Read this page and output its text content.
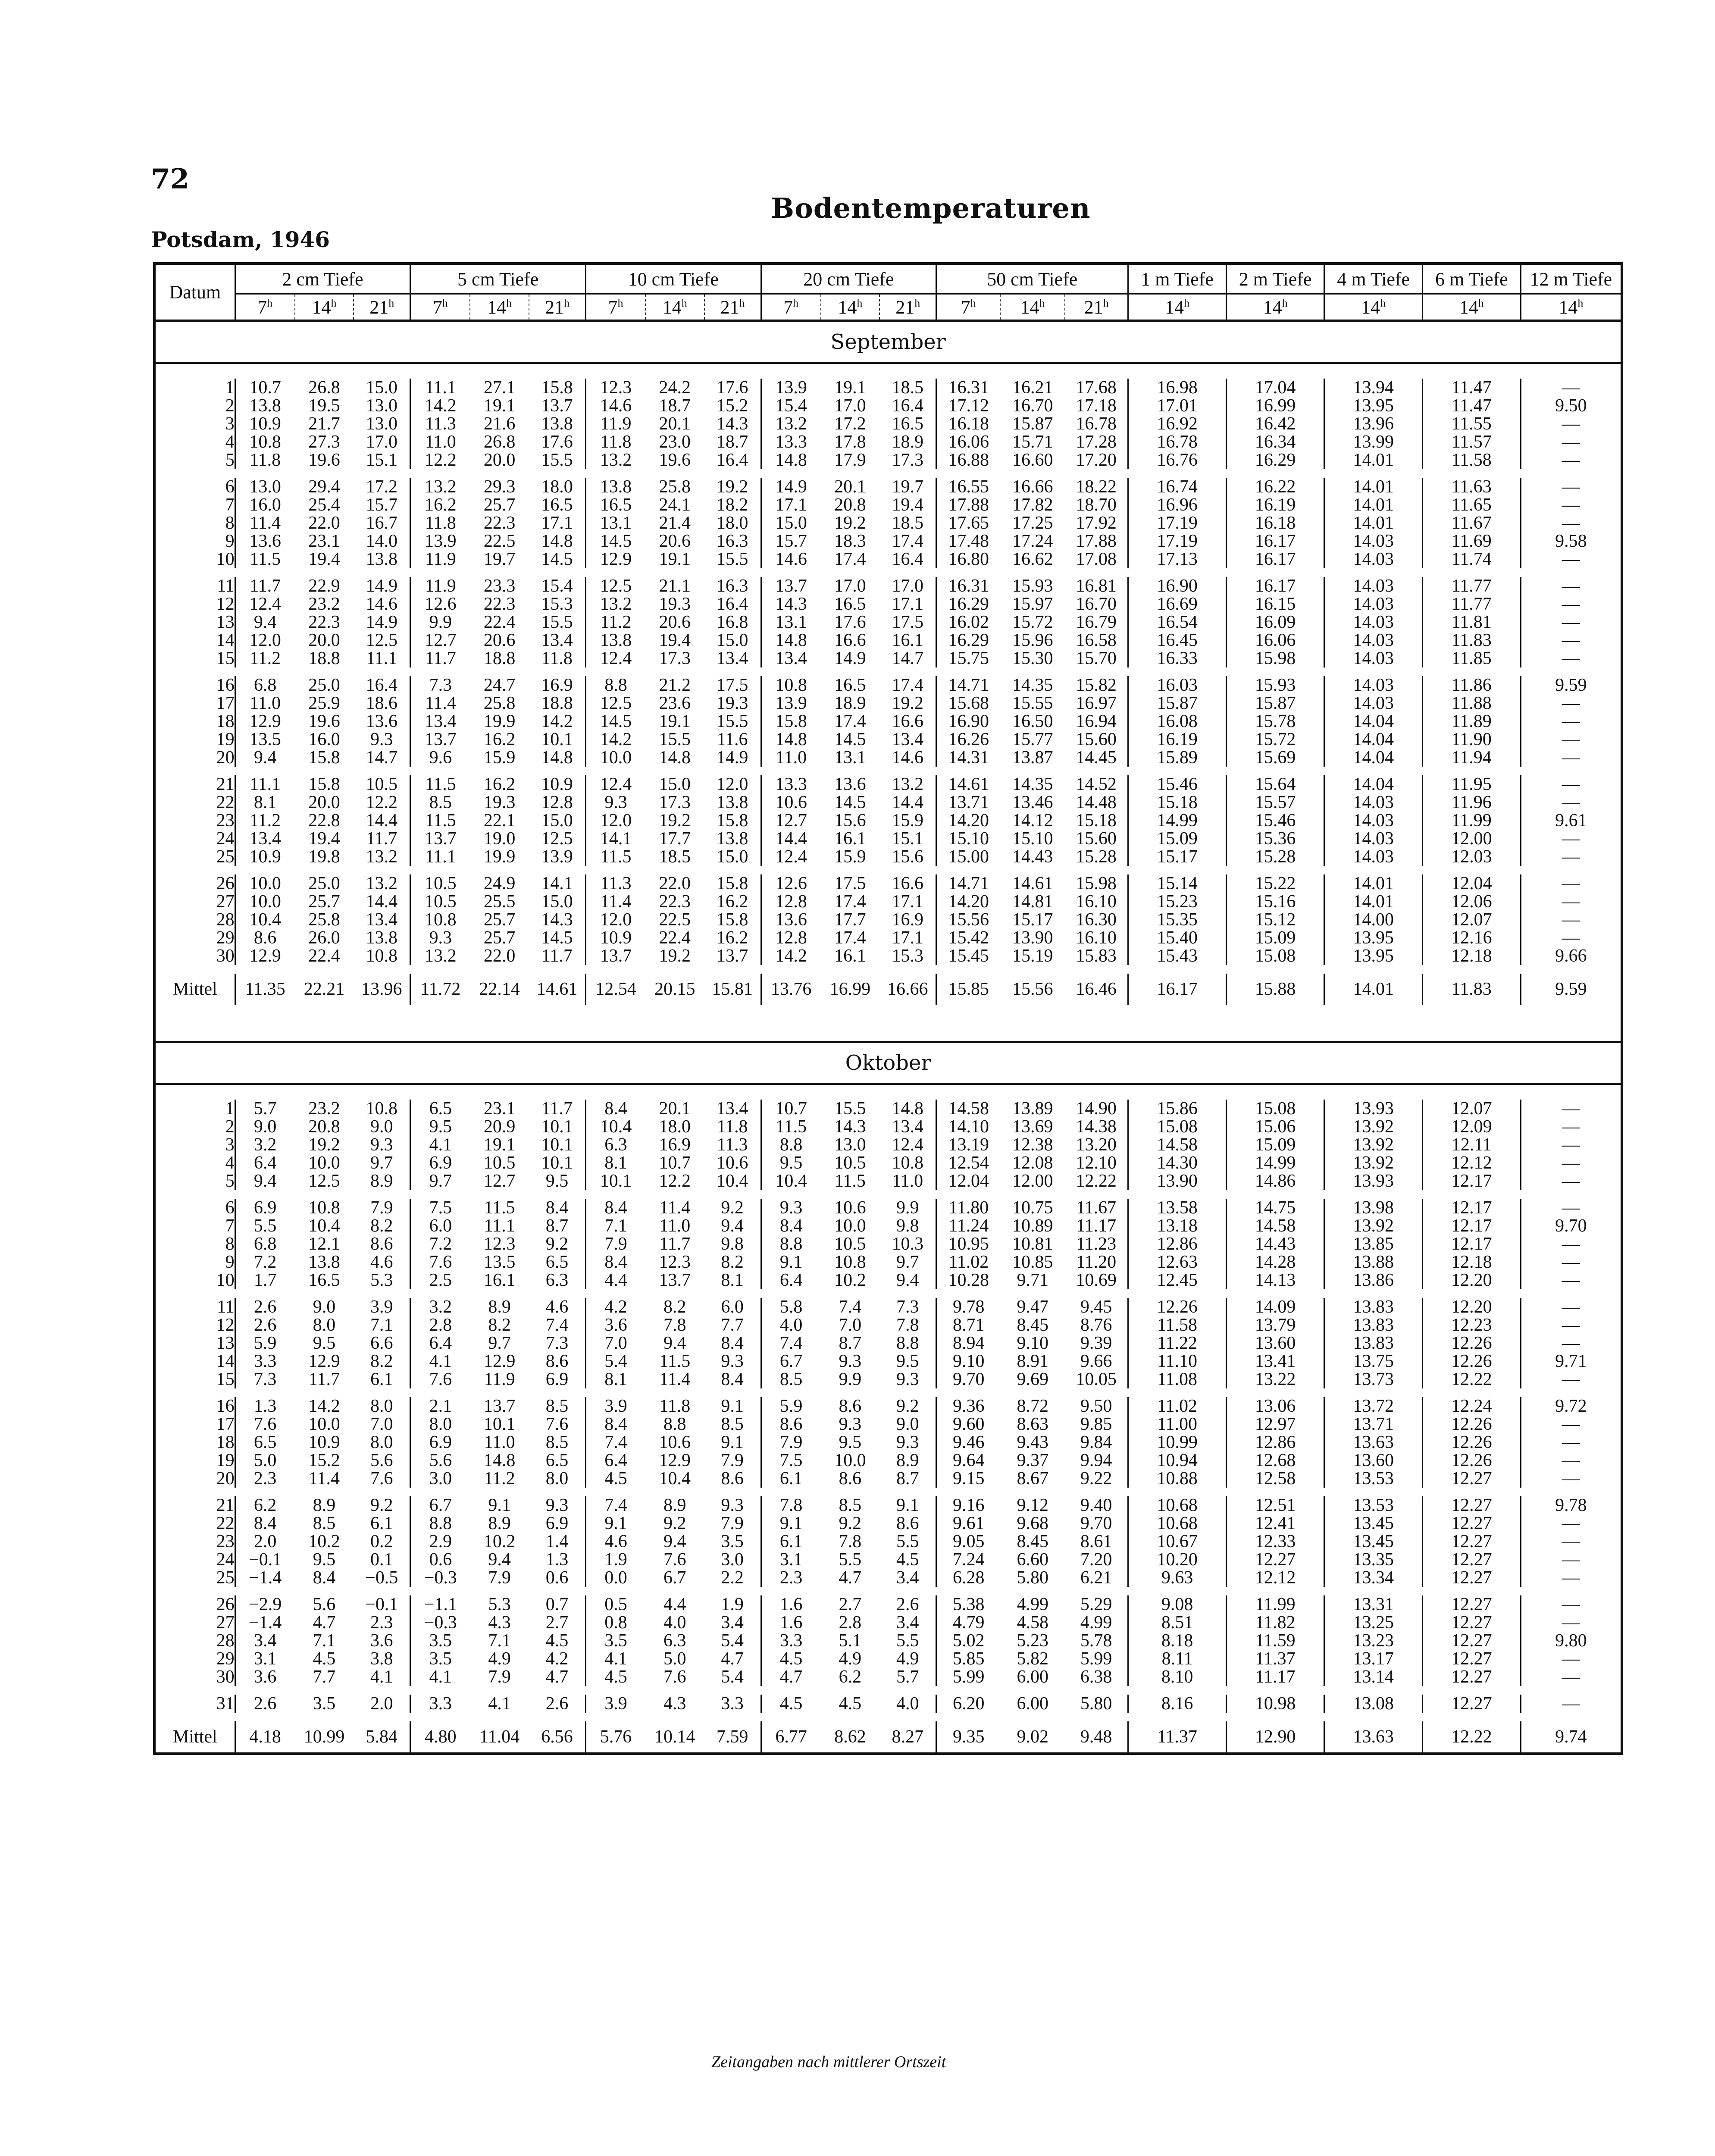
72
Bodentemperaturen
Potsdam, 1946
Datum	2 cm Tiefe			5 cm Tiefe			10 cm Tiefe			20 cm Tiefe			50 cm Tiefe			1 m Tiefe	2 m Tiefe	4 m Tiefe	6 m Tiefe	12 m Tiefe
	7$^h$	14$^h$	21$^h$	7$^h$	14$^h$	21$^h$	7$^h$	14$^h$	21$^h$	7$^h$	14$^h$	21$^h$	7$^h$	14$^h$	21$^h$	14$^h$	14$^h$	14$^h$	14$^h$	14$^h$
September																				

1	10.7	26.8	15.0	11.1	27.1	15.8	12.3	24.2	17.6	13.9	19.1	18.5	16.31	16.21	17.68	16.98	17.04	13.94	11.47	—
2	13.8	19.5	13.0	14.2	19.1	13.7	14.6	18.7	15.2	15.4	17.0	16.4	17.12	16.70	17.18	17.01	16.99	13.95	11.47	9.50
3	10.9	21.7	13.0	11.3	21.6	13.8	11.9	20.1	14.3	13.2	17.2	16.5	16.18	15.87	16.78	16.92	16.42	13.96	11.55	—
4	10.8	27.3	17.0	11.0	26.8	17.6	11.8	23.0	18.7	13.3	17.8	18.9	16.06	15.71	17.28	16.78	16.34	13.99	11.57	—
5	11.8	19.6	15.1	12.2	20.0	15.5	13.2	19.6	16.4	14.8	17.9	17.3	16.88	16.60	17.20	16.76	16.29	14.01	11.58	—

6	13.0	29.4	17.2	13.2	29.3	18.0	13.8	25.8	19.2	14.9	20.1	19.7	16.55	16.66	18.22	16.74	16.22	14.01	11.63	—
7	16.0	25.4	15.7	16.2	25.7	16.5	16.5	24.1	18.2	17.1	20.8	19.4	17.88	17.82	18.70	16.96	16.19	14.01	11.65	—
8	11.4	22.0	16.7	11.8	22.3	17.1	13.1	21.4	18.0	15.0	19.2	18.5	17.65	17.25	17.92	17.19	16.18	14.01	11.67	—
9	13.6	23.1	14.0	13.9	22.5	14.8	14.5	20.6	16.3	15.7	18.3	17.4	17.48	17.24	17.88	17.19	16.17	14.03	11.69	9.58
10	11.5	19.4	13.8	11.9	19.7	14.5	12.9	19.1	15.5	14.6	17.4	16.4	16.80	16.62	17.08	17.13	16.17	14.03	11.74	—

11	11.7	22.9	14.9	11.9	23.3	15.4	12.5	21.1	16.3	13.7	17.0	17.0	16.31	15.93	16.81	16.90	16.17	14.03	11.77	—
12	12.4	23.2	14.6	12.6	22.3	15.3	13.2	19.3	16.4	14.3	16.5	17.1	16.29	15.97	16.70	16.69	16.15	14.03	11.77	—
13	9.4	22.3	14.9	9.9	22.4	15.5	11.2	20.6	16.8	13.1	17.6	17.5	16.02	15.72	16.79	16.54	16.09	14.03	11.81	—
14	12.0	20.0	12.5	12.7	20.6	13.4	13.8	19.4	15.0	14.8	16.6	16.1	16.29	15.96	16.58	16.45	16.06	14.03	11.83	—
15	11.2	18.8	11.1	11.7	18.8	11.8	12.4	17.3	13.4	13.4	14.9	14.7	15.75	15.30	15.70	16.33	15.98	14.03	11.85	—

16	6.8	25.0	16.4	7.3	24.7	16.9	8.8	21.2	17.5	10.8	16.5	17.4	14.71	14.35	15.82	16.03	15.93	14.03	11.86	9.59
17	11.0	25.9	18.6	11.4	25.8	18.8	12.5	23.6	19.3	13.9	18.9	19.2	15.68	15.55	16.97	15.87	15.87	14.03	11.88	—
18	12.9	19.6	13.6	13.4	19.9	14.2	14.5	19.1	15.5	15.8	17.4	16.6	16.90	16.50	16.94	16.08	15.78	14.04	11.89	—
19	13.5	16.0	9.3	13.7	16.2	10.1	14.2	15.5	11.6	14.8	14.5	13.4	16.26	15.77	15.60	16.19	15.72	14.04	11.90	—
20	9.4	15.8	14.7	9.6	15.9	14.8	10.0	14.8	14.9	11.0	13.1	14.6	14.31	13.87	14.45	15.89	15.69	14.04	11.94	—

21	11.1	15.8	10.5	11.5	16.2	10.9	12.4	15.0	12.0	13.3	13.6	13.2	14.61	14.35	14.52	15.46	15.64	14.04	11.95	—
22	8.1	20.0	12.2	8.5	19.3	12.8	9.3	17.3	13.8	10.6	14.5	14.4	13.71	13.46	14.48	15.18	15.57	14.03	11.96	—
23	11.2	22.8	14.4	11.5	22.1	15.0	12.0	19.2	15.8	12.7	15.6	15.9	14.20	14.12	15.18	14.99	15.46	14.03	11.99	9.61
24	13.4	19.4	11.7	13.7	19.0	12.5	14.1	17.7	13.8	14.4	16.1	15.1	15.10	15.10	15.60	15.09	15.36	14.03	12.00	—
25	10.9	19.8	13.2	11.1	19.9	13.9	11.5	18.5	15.0	12.4	15.9	15.6	15.00	14.43	15.28	15.17	15.28	14.03	12.03	—

26	10.0	25.0	13.2	10.5	24.9	14.1	11.3	22.0	15.8	12.6	17.5	16.6	14.71	14.61	15.98	15.14	15.22	14.01	12.04	—
27	10.0	25.7	14.4	10.5	25.5	15.0	11.4	22.3	16.2	12.8	17.4	17.1	14.20	14.81	16.10	15.23	15.16	14.01	12.06	—
28	10.4	25.8	13.4	10.8	25.7	14.3	12.0	22.5	15.8	13.6	17.7	16.9	15.56	15.17	16.30	15.35	15.12	14.00	12.07	—
29	8.6	26.0	13.8	9.3	25.7	14.5	10.9	22.4	16.2	12.8	17.4	17.1	15.42	13.90	16.10	15.40	15.09	13.95	12.16	—
30	12.9	22.4	10.8	13.2	22.0	11.7	13.7	19.2	13.7	14.2	16.1	15.3	15.45	15.19	15.83	15.43	15.08	13.95	12.18	9.66

Mittel	11.35	22.21	13.96	11.72	22.14	14.61	12.54	20.15	15.81	13.76	16.99	16.66	15.85	15.56	16.46	16.17	15.88	14.01	11.83	9.59

Oktober																				

1	5.7	23.2	10.8	6.5	23.1	11.7	8.4	20.1	13.4	10.7	15.5	14.8	14.58	13.89	14.90	15.86	15.08	13.93	12.07	—
2	9.0	20.8	9.0	9.5	20.9	10.1	10.4	18.0	11.8	11.5	14.3	13.4	14.10	13.69	14.38	15.08	15.06	13.92	12.09	—
3	3.2	19.2	9.3	4.1	19.1	10.1	6.3	16.9	11.3	8.8	13.0	12.4	13.19	12.38	13.20	14.58	15.09	13.92	12.11	—
4	6.4	10.0	9.7	6.9	10.5	10.1	8.1	10.7	10.6	9.5	10.5	10.8	12.54	12.08	12.10	14.30	14.99	13.92	12.12	—
5	9.4	12.5	8.9	9.7	12.7	9.5	10.1	12.2	10.4	10.4	11.5	11.0	12.04	12.00	12.22	13.90	14.86	13.93	12.17	—

6	6.9	10.8	7.9	7.5	11.5	8.4	8.4	11.4	9.2	9.3	10.6	9.9	11.80	10.75	11.67	13.58	14.75	13.98	12.17	—
7	5.5	10.4	8.2	6.0	11.1	8.7	7.1	11.0	9.4	8.4	10.0	9.8	11.24	10.89	11.17	13.18	14.58	13.92	12.17	9.70
8	6.8	12.1	8.6	7.2	12.3	9.2	7.9	11.7	9.8	8.8	10.5	10.3	10.95	10.81	11.23	12.86	14.43	13.85	12.17	—
9	7.2	13.8	4.6	7.6	13.5	6.5	8.4	12.3	8.2	9.1	10.8	9.7	11.02	10.85	11.20	12.63	14.28	13.88	12.18	—
10	1.7	16.5	5.3	2.5	16.1	6.3	4.4	13.7	8.1	6.4	10.2	9.4	10.28	9.71	10.69	12.45	14.13	13.86	12.20	—

11	2.6	9.0	3.9	3.2	8.9	4.6	4.2	8.2	6.0	5.8	7.4	7.3	9.78	9.47	9.45	12.26	14.09	13.83	12.20	—
12	2.6	8.0	7.1	2.8	8.2	7.4	3.6	7.8	7.7	4.0	7.0	7.8	8.71	8.45	8.76	11.58	13.79	13.83	12.23	—
13	5.9	9.5	6.6	6.4	9.7	7.3	7.0	9.4	8.4	7.4	8.7	8.8	8.94	9.10	9.39	11.22	13.60	13.83	12.26	—
14	3.3	12.9	8.2	4.1	12.9	8.6	5.4	11.5	9.3	6.7	9.3	9.5	9.10	8.91	9.66	11.10	13.41	13.75	12.26	9.71
15	7.3	11.7	6.1	7.6	11.9	6.9	8.1	11.4	8.4	8.5	9.9	9.3	9.70	9.69	10.05	11.08	13.22	13.73	12.22	—

16	1.3	14.2	8.0	2.1	13.7	8.5	3.9	11.8	9.1	5.9	8.6	9.2	9.36	8.72	9.50	11.02	13.06	13.72	12.24	9.72
17	7.6	10.0	7.0	8.0	10.1	7.6	8.4	8.8	8.5	8.6	9.3	9.0	9.60	8.63	9.85	11.00	12.97	13.71	12.26	—
18	6.5	10.9	8.0	6.9	11.0	8.5	7.4	10.6	9.1	7.9	9.5	9.3	9.46	9.43	9.84	10.99	12.86	13.63	12.26	—
19	5.0	15.2	5.6	5.6	14.8	6.5	6.4	12.9	7.9	7.5	10.0	8.9	9.64	9.37	9.94	10.94	12.68	13.60	12.26	—
20	2.3	11.4	7.6	3.0	11.2	8.0	4.5	10.4	8.6	6.1	8.6	8.7	9.15	8.67	9.22	10.88	12.58	13.53	12.27	—

21	6.2	8.9	9.2	6.7	9.1	9.3	7.4	8.9	9.3	7.8	8.5	9.1	9.16	9.12	9.40	10.68	12.51	13.53	12.27	9.78
22	8.4	8.5	6.1	8.8	8.9	6.9	9.1	9.2	7.9	9.1	9.2	8.6	9.61	9.68	9.70	10.68	12.41	13.45	12.27	—
23	2.0	10.2	0.2	2.9	10.2	1.4	4.6	9.4	3.5	6.1	7.8	5.5	9.05	8.45	8.61	10.67	12.33	13.45	12.27	—
24	−0.1	9.5	0.1	0.6	9.4	1.3	1.9	7.6	3.0	3.1	5.5	4.5	7.24	6.60	7.20	10.20	12.27	13.35	12.27	—
25	−1.4	8.4	−0.5	−0.3	7.9	0.6	0.0	6.7	2.2	2.3	4.7	3.4	6.28	5.80	6.21	9.63	12.12	13.34	12.27	—

26	−2.9	5.6	−0.1	−1.1	5.3	0.7	0.5	4.4	1.9	1.6	2.7	2.6	5.38	4.99	5.29	9.08	11.99	13.31	12.27	—
27	−1.4	4.7	2.3	−0.3	4.3	2.7	0.8	4.0	3.4	1.6	2.8	3.4	4.79	4.58	4.99	8.51	11.82	13.25	12.27	—
28	3.4	7.1	3.6	3.5	7.1	4.5	3.5	6.3	5.4	3.3	5.1	5.5	5.02	5.23	5.78	8.18	11.59	13.23	12.27	9.80
29	3.1	4.5	3.8	3.5	4.9	4.2	4.1	5.0	4.7	4.5	4.9	4.9	5.85	5.82	5.99	8.11	11.37	13.17	12.27	—
30	3.6	7.7	4.1	4.1	7.9	4.7	4.5	7.6	5.4	4.7	6.2	5.7	5.99	6.00	6.38	8.10	11.17	13.14	12.27	—

31	2.6	3.5	2.0	3.3	4.1	2.6	3.9	4.3	3.3	4.5	4.5	4.0	6.20	6.00	5.80	8.16	10.98	13.08	12.27	—

Mittel	4.18	10.99	5.84	4.80	11.04	6.56	5.76	10.14	7.59	6.77	8.62	8.27	9.35	9.02	9.48	11.37	12.90	13.63	12.22	9.74
Zeitangaben nach mittlerer Ortszeit
